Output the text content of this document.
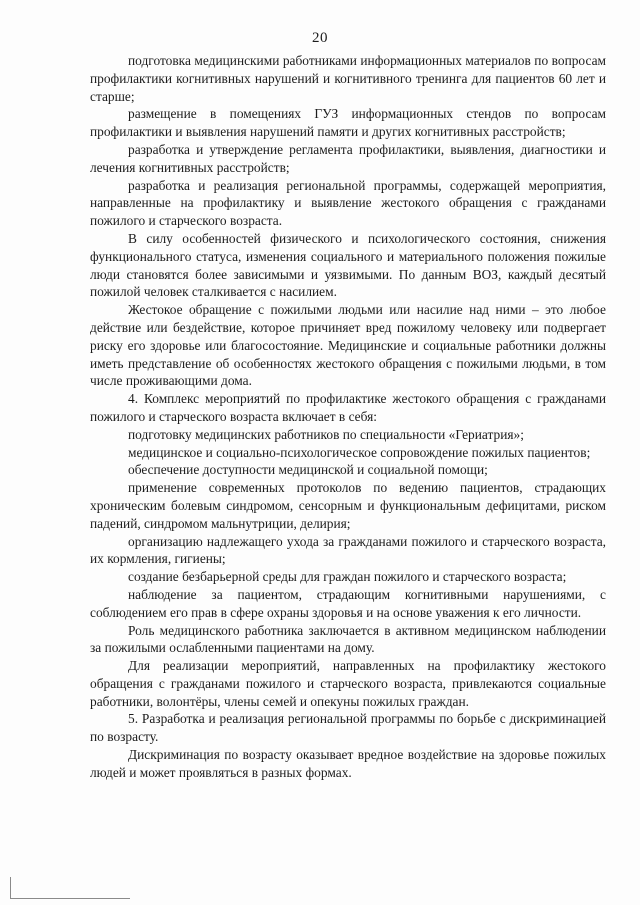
20

подготовка медицинскими работниками информационных материалов по вопросам профилактики когнитивных нарушений и когнитивного тренинга для пациентов 60 лет и старше;

размещение в помещениях ГУЗ информационных стендов по вопросам профилактики и выявления нарушений памяти и других когнитивных расстройств;

разработка и утверждение регламента профилактики, выявления, диагностики и лечения когнитивных расстройств;

разработка и реализация региональной программы, содержащей мероприятия, направленные на профилактику и выявление жестокого обращения с гражданами пожилого и старческого возраста.

В силу особенностей физического и психологического состояния, снижения функционального статуса, изменения социального и материального положения пожилые люди становятся более зависимыми и уязвимыми. По данным ВОЗ, каждый десятый пожилой человек сталкивается с насилием.

Жестокое обращение с пожилыми людьми или насилие над ними – это любое действие или бездействие, которое причиняет вред пожилому человеку или подвергает риску его здоровье или благосостояние. Медицинские и социальные работники должны иметь представление об особенностях жестокого обращения с пожилыми людьми, в том числе проживающими дома.

4. Комплекс мероприятий по профилактике жестокого обращения с гражданами пожилого и старческого возраста включает в себя:

подготовку медицинских работников по специальности «Гериатрия»;

медицинское и социально-психологическое сопровождение пожилых пациентов;

обеспечение доступности медицинской и социальной помощи;

применение современных протоколов по ведению пациентов, страдающих хроническим болевым синдромом, сенсорным и функциональным дефицитами, риском падений, синдромом мальнутриции, делирия;

организацию надлежащего ухода за гражданами пожилого и старческого возраста, их кормления, гигиены;

создание безбарьерной среды для граждан пожилого и старческого возраста;

наблюдение за пациентом, страдающим когнитивными нарушениями, с соблюдением его прав в сфере охраны здоровья и на основе уважения к его личности.

Роль медицинского работника заключается в активном медицинском наблюдении за пожилыми ослабленными пациентами на дому.

Для реализации мероприятий, направленных на профилактику жестокого обращения с гражданами пожилого и старческого возраста, привлекаются социальные работники, волонтёры, члены семей и опекуны пожилых граждан.

5. Разработка и реализация региональной программы по борьбе с дискриминацией по возрасту.

Дискриминация по возрасту оказывает вредное воздействие на здоровье пожилых людей и может проявляться в разных формах.
